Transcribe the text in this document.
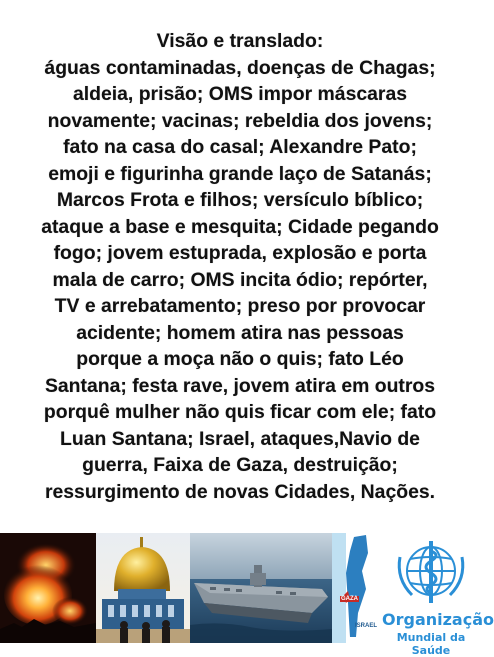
Visão e translado:
águas contaminadas, doenças de Chagas;
aldeia, prisão; OMS impor máscaras
novamente; vacinas; rebeldia dos jovens;
fato na casa do casal; Alexandre Pato;
emoji e figurinha grande laço de Satanás;
Marcos Frota e filhos; versículo bíblico;
ataque a base e mesquita; Cidade pegando
fogo; jovem estuprada, explosão e porta
mala de carro; OMS incita ódio; repórter,
TV e arrebatamento; preso por provocar
acidente; homem atira nas pessoas
porque a moça não o quis; fato Léo
Santana; festa rave, jovem atira em outros
porquê mulher não quis ficar com ele; fato
Luan Santana; Israel, ataques,Navio de
guerra, Faixa de Gaza, destruição;
ressurgimento de novas Cidades, Nações.
GAZA
ISRAEL Organização
Mundial da Saúde
